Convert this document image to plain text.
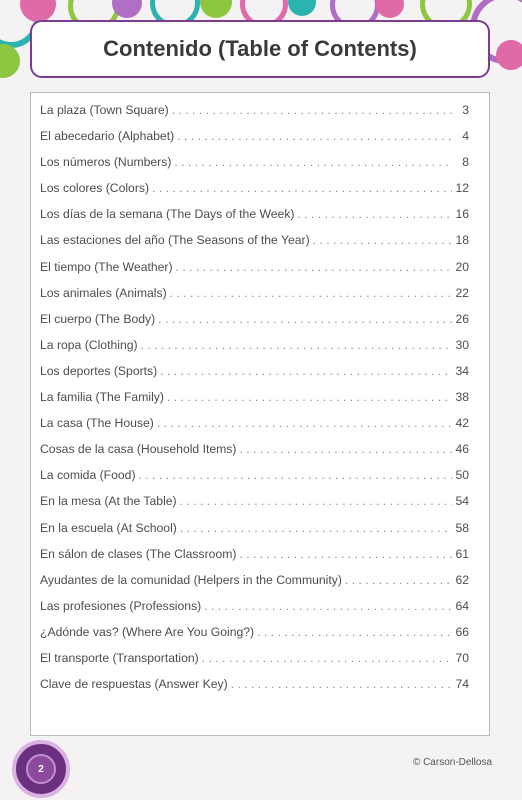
Contenido (Table of Contents)
La plaza (Town Square) . . .	3
El abecedario (Alphabet) . . .	4
Los números (Numbers) . . .	8
Los colores (Colors) . . .	12
Los días de la semana (The Days of the Week) . . .	16
Las estaciones del año (The Seasons of the Year) . . .	18
El tiempo (The Weather) . . .	20
Los animales (Animals) . . .	22
El cuerpo (The Body) . . .	26
La ropa (Clothing) . . .	30
Los deportes (Sports) . . .	34
La familia (The Family) . . .	38
La casa (The House) . . .	42
Cosas de la casa (Household Items) . . .	46
La comida (Food) . . .	50
En la mesa (At the Table) . . .	54
En la escuela (At School) . . .	58
En sálon de clases (The Classroom) . . .	61
Ayudantes de la comunidad (Helpers in the Community) . . .	62
Las profesiones (Professions) . . .	64
¿Adónde vas? (Where Are You Going?) . . .	66
El transporte (Transportation) . . .	70
Clave de respuestas (Answer Key) . . .	74
2
© Carson-Dellosa
